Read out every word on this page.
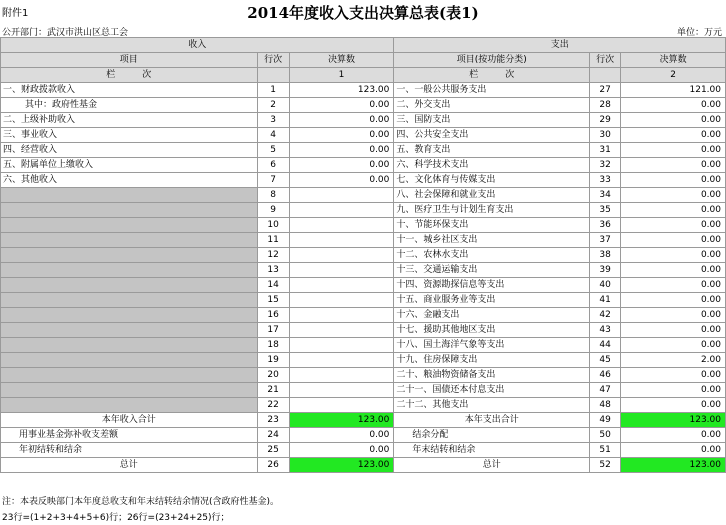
附件1	2014年度收入支出决算总表(表1)
公开部门：武汉市洪山区总工会	单位：万元
收入			支出		
项目	行次	决算数	项目(按功能分类)	行次	决算数
栏　　　次		1	栏　　　次		2
一、财政拨款收入	1	123.00	一、一般公共服务支出	27	121.00
其中：政府性基金	2	0.00	二、外交支出	28	0.00
二、上级补助收入	3	0.00	三、国防支出	29	0.00
三、事业收入	4	0.00	四、公共安全支出	30	0.00
四、经营收入	5	0.00	五、教育支出	31	0.00
五、附属单位上缴收入	6	0.00	六、科学技术支出	32	0.00
六、其他收入	7	0.00	七、文化体育与传媒支出	33	0.00
	8		八、社会保障和就业支出	34	0.00
	9		九、医疗卫生与计划生育支出	35	0.00
	10		十、节能环保支出	36	0.00
	11		十一、城乡社区支出	37	0.00
	12		十二、农林水支出	38	0.00
	13		十三、交通运输支出	39	0.00
	14		十四、资源勘探信息等支出	40	0.00
	15		十五、商业服务业等支出	41	0.00
	16		十六、金融支出	42	0.00
	17		十七、援助其他地区支出	43	0.00
	18		十八、国土海洋气象等支出	44	0.00
	19		十九、住房保障支出	45	2.00
	20		二十、粮油物资储备支出	46	0.00
	21		二十一、国债还本付息支出	47	0.00
	22		二十二、其他支出	48	0.00
本年收入合计	23	123.00	本年支出合计	49	123.00
用事业基金弥补收支差额	24	0.00	结余分配	50	0.00
年初结转和结余	25	0.00	年末结转和结余	51	0.00
总计	26	123.00	总计	52	123.00
注：本表反映部门本年度总收支和年末结转结余情况(含政府性基金)。
23行=(1+2+3+4+5+6)行；26行=(23+24+25)行；
